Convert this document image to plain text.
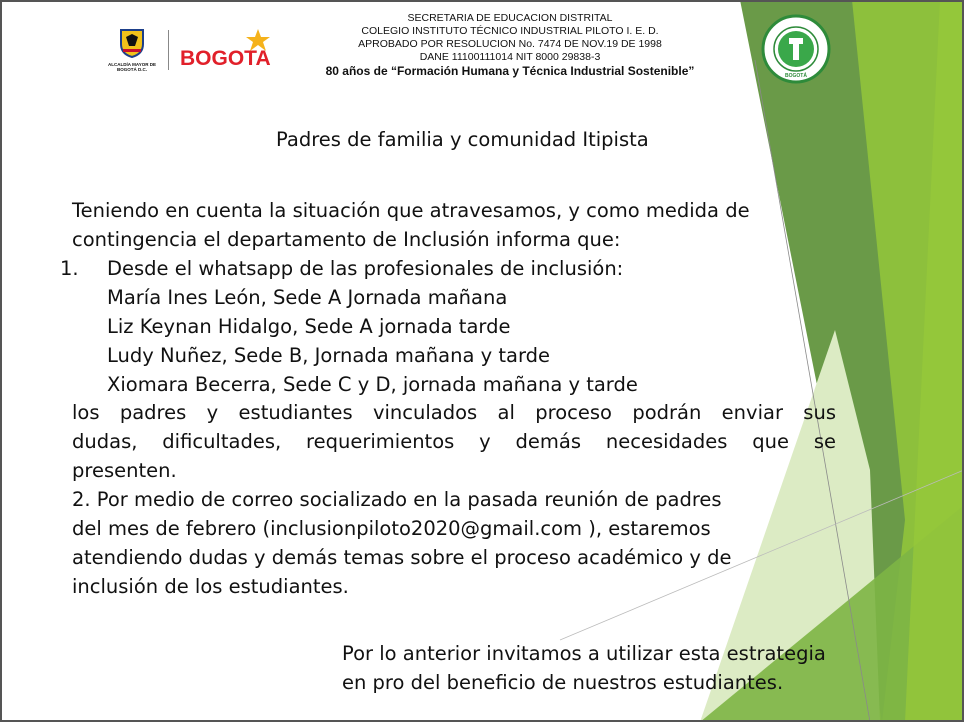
ALCALDÍA MAYOR DE BOGOTÁ D.C.	BOGOTA
SECRETARIA DE EDUCACION DISTRITAL
COLEGIO INSTITUTO TÉCNICO INDUSTRIAL PILOTO I. E. D.
APROBADO POR RESOLUCION No. 7474 DE NOV.19 DE 1998
DANE 11100111014 NIT 8000 29838-3
80 años de “Formación Humana y Técnica Industrial Sostenible”	BOGOTÁ
Padres de familia y comunidad Itipista
Teniendo en cuenta la situación que atravesamos, y como medida de
contingencia el departamento de Inclusión informa que:
1. Desde el whatsapp de las profesionales de inclusión:
María Ines León, Sede A Jornada mañana
Liz Keynan Hidalgo, Sede A jornada tarde
Ludy Nuñez, Sede B, Jornada mañana y tarde
Xiomara Becerra, Sede C y D, jornada mañana y tarde
los padres y estudiantes vinculados al proceso podrán enviar sus
dudas, dificultades, requerimientos y demás necesidades que se
presenten.
2. Por medio de correo socializado en la pasada reunión de padres
del mes de febrero (inclusionpiloto2020@gmail.com ), estaremos
atendiendo dudas y demás temas sobre el proceso académico y de
inclusión de los estudiantes.
Por lo anterior invitamos a utilizar esta estrategia
en pro del beneficio de nuestros estudiantes.
